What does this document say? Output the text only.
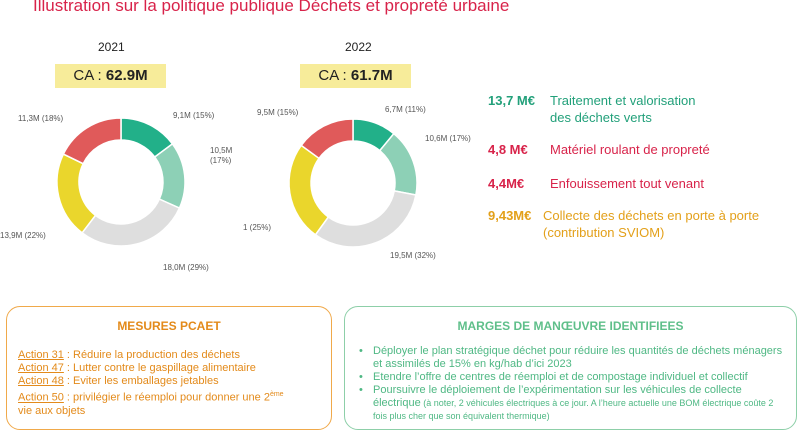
Illustration sur la politique publique Déchets et propreté urbaine
2021
CA : 62.9M
2022
CA : 61.7M
9,1M (15%)
10,5M (17%)
18,0M (29%)
13,9M (22%)
11,3M (18%)
6,7M (11%)
10,6M (17%)
19,5M (32%)
1 (25%)
9,5M (15%)
13,7 M€ Traitement et valorisation
des déchets verts
4,8 M€ Matériel roulant de propreté
4,4M€ Enfouissement tout venant
9,43M€ Collecte des déchets en porte à porte
(contribution SVIOM)
MESURES PCAET
Action 31 : Réduire la production des déchets
Action 47 : Lutter contre le gaspillage alimentaire
Action 48 : Eviter les emballages jetables
Action 50 : privilégier le réemploi pour donner une 2ème
vie aux objets
MARGES DE MANŒUVRE IDENTIFIEES
• Déployer le plan stratégique déchet pour réduire les quantités de déchets ménagers et assimilés de 15% en kg/hab d’ici 2023
• Etendre l’offre de centres de réemploi et de compostage individuel et collectif
• Poursuivre le déploiement de l’expérimentation sur les véhicules de collecte électrique (à noter, 2 véhicules électriques à ce jour. A l’heure actuelle une BOM électrique coûte 2 fois plus cher que son équivalent thermique)
